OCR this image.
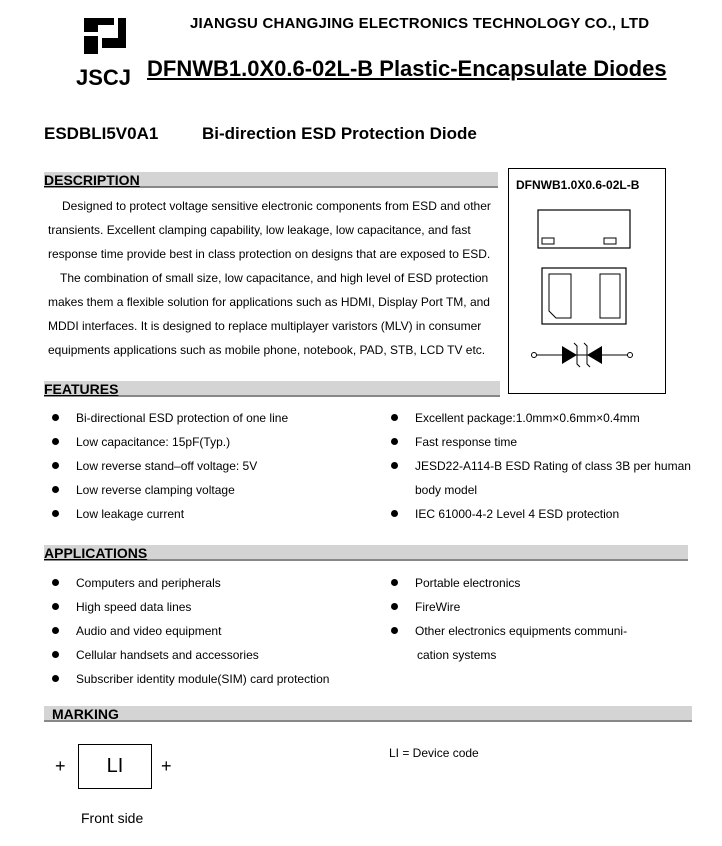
JSCJ
JIANGSU CHANGJING ELECTRONICS TECHNOLOGY CO., LTD
DFNWB1.0X0.6-02L-B Plastic-Encapsulate Diodes
ESDBLI5V0A1	Bi-direction ESD Protection Diode
DESCRIPTION
Designed to protect voltage sensitive electronic components from ESD and other
transients. Excellent clamping capability, low leakage, low capacitance, and fast
response time provide best in class protection on designs that are exposed to ESD.
The combination of small size, low capacitance, and high level of ESD protection
makes them a flexible solution for applications such as HDMI, Display Port TM, and
MDDI interfaces. It is designed to replace multiplayer varistors (MLV) in consumer
equipments applications such as mobile phone, notebook, PAD, STB, LCD TV etc.
DFNWB1.0X0.6-02L-B
FEATURES
Bi-directional ESD protection of one line
Low capacitance: 15pF(Typ.)
Low reverse stand–off voltage: 5V
Low reverse clamping voltage
Low leakage current
Excellent package:1.0mm×0.6mm×0.4mm
Fast response time
JESD22-A114-B ESD Rating of class 3B per human
body model
IEC 61000-4-2 Level 4 ESD protection
APPLICATIONS
Computers and peripherals
High speed data lines
Audio and video equipment
Cellular handsets and accessories
Subscriber identity module(SIM) card protection
Portable electronics
FireWire
Other electronics equipments communi-
cation systems
MARKING
+ LI +
LI = Device code
Front side
